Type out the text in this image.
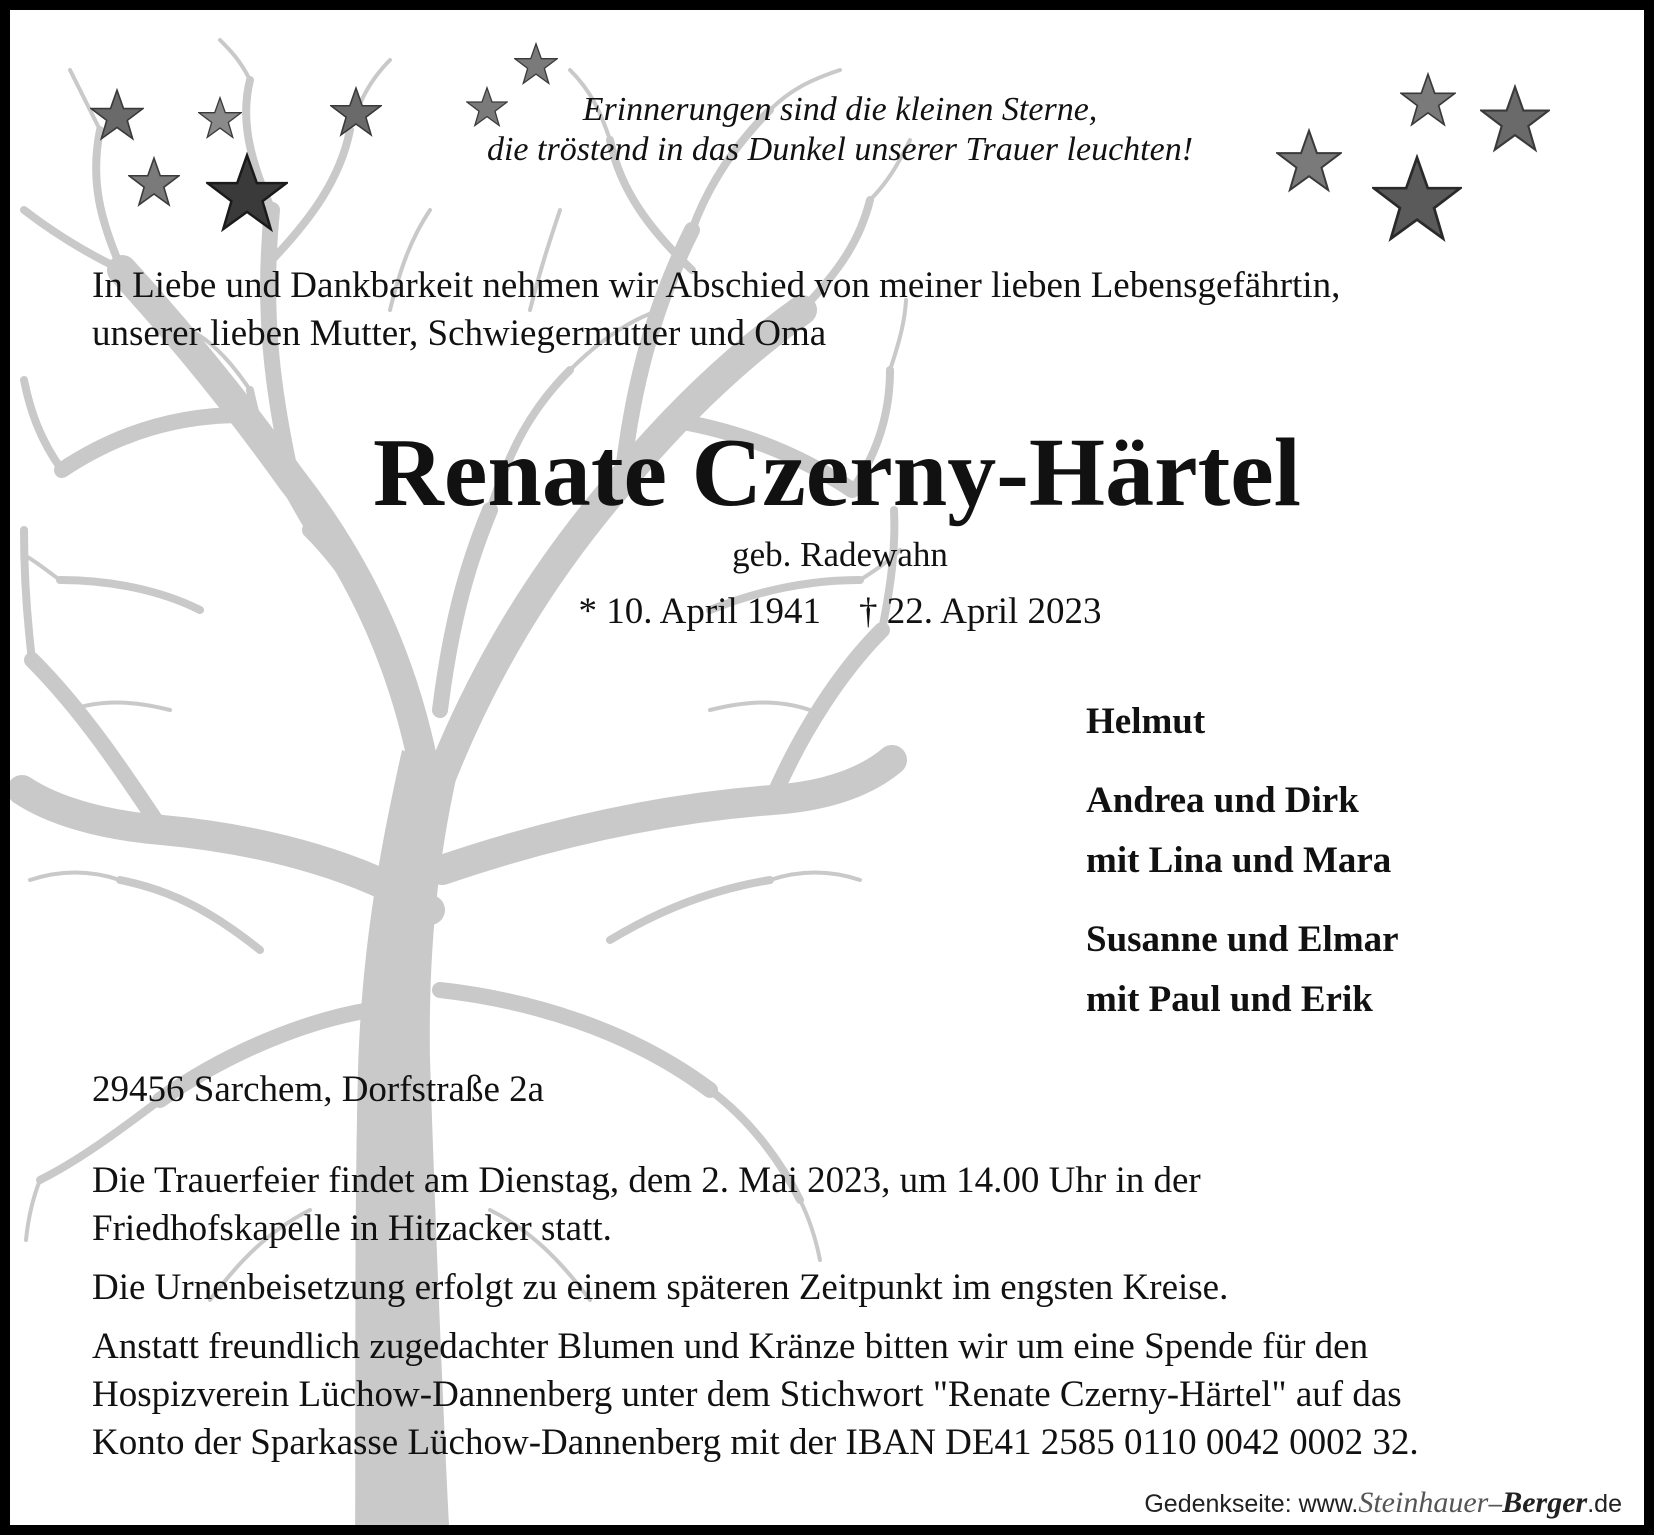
Erinnerungen sind die kleinen Sterne,
die tröstend in das Dunkel unserer Trauer leuchten!
In Liebe und Dankbarkeit nehmen wir Abschied von meiner lieben Lebensgefährtin,
unserer lieben Mutter, Schwiegermutter und Oma
Renate Czerny-Härtel
geb. Radewahn
* 10. April 1941 † 22. April 2023
Helmut
Andrea und Dirk
mit Lina und Mara
Susanne und Elmar
mit Paul und Erik
29456 Sarchem, Dorfstraße 2a

Die Trauerfeier findet am Dienstag, dem 2. Mai 2023, um 14.00 Uhr in der
Friedhofskapelle in Hitzacker statt.

Die Urnenbeisetzung erfolgt zu einem späteren Zeitpunkt im engsten Kreise.

Anstatt freundlich zugedachter Blumen und Kränze bitten wir um eine Spende für den
Hospizverein Lüchow-Dannenberg unter dem Stichwort "Renate Czerny-Härtel" auf das
Konto der Sparkasse Lüchow-Dannenberg mit der IBAN DE41 2585 0110 0042 0002 32.

Gedenkseite: www.Steinhauer–Berger.de
